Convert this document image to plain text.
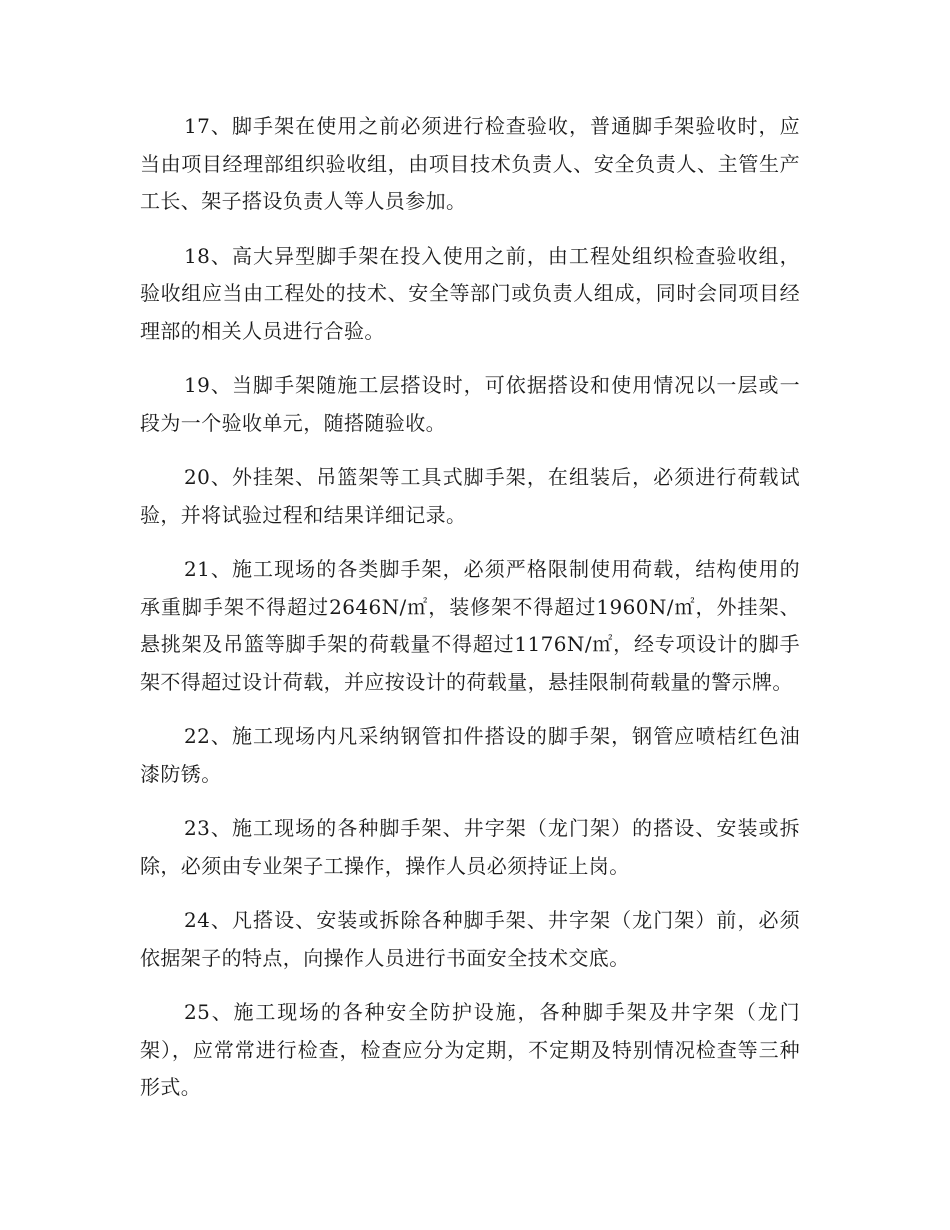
17、脚手架在使用之前必须进行检查验收，普通脚手架验收时，应当由项目经理部组织验收组，由项目技术负责人、安全负责人、主管生产工长、架子搭设负责人等人员参加。

18、高大异型脚手架在投入使用之前，由工程处组织检查验收组，验收组应当由工程处的技术、安全等部门或负责人组成，同时会同项目经理部的相关人员进行合验。

19、当脚手架随施工层搭设时，可依据搭设和使用情况以一层或一段为一个验收单元，随搭随验收。

20、外挂架、吊篮架等工具式脚手架，在组装后，必须进行荷载试验，并将试验过程和结果详细记录。

21、施工现场的各类脚手架，必须严格限制使用荷载，结构使用的承重脚手架不得超过2646N/㎡，装修架不得超过1960N/㎡，外挂架、悬挑架及吊篮等脚手架的荷载量不得超过1176N/㎡，经专项设计的脚手架不得超过设计荷载，并应按设计的荷载量，悬挂限制荷载量的警示牌。

22、施工现场内凡采纳钢管扣件搭设的脚手架，钢管应喷桔红色油漆防锈。

23、施工现场的各种脚手架、井字架（龙门架）的搭设、安装或拆除，必须由专业架子工操作，操作人员必须持证上岗。

24、凡搭设、安装或拆除各种脚手架、井字架（龙门架）前，必须依据架子的特点，向操作人员进行书面安全技术交底。

25、施工现场的各种安全防护设施，各种脚手架及井字架（龙门架），应常常进行检查，检查应分为定期，不定期及特别情况检查等三种形式。
